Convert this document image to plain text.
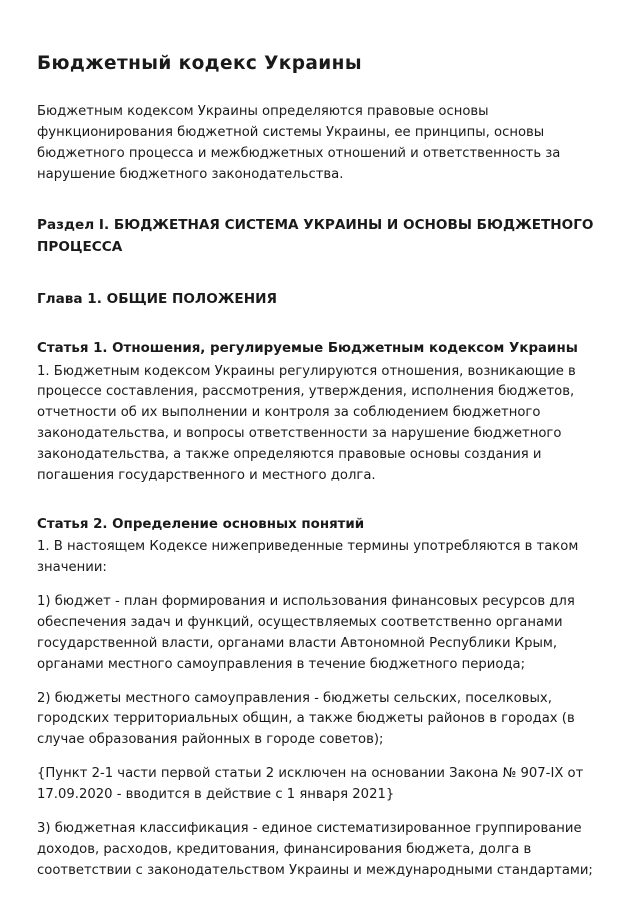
Бюджетный кодекс Украины

Бюджетным кодексом Украины определяются правовые основы функционирования бюджетной системы Украины, ее принципы, основы бюджетного процесса и межбюджетных отношений и ответственность за нарушение бюджетного законодательства.

Раздел I. БЮДЖЕТНАЯ СИСТЕМА УКРАИНЫ И ОСНОВЫ БЮДЖЕТНОГО ПРОЦЕССА
Глава 1. ОБЩИЕ ПОЛОЖЕНИЯ
Статья 1. Отношения, регулируемые Бюджетным кодексом Украины

1. Бюджетным кодексом Украины регулируются отношения, возникающие в процессе составления, рассмотрения, утверждения, исполнения бюджетов, отчетности об их выполнении и контроля за соблюдением бюджетного законодательства, и вопросы ответственности за нарушение бюджетного законодательства, а также определяются правовые основы создания и погашения государственного и местного долга.

Статья 2. Определение основных понятий

1. В настоящем Кодексе нижеприведенные термины употребляются в таком значении:

1) бюджет - план формирования и использования финансовых ресурсов для обеспечения задач и функций, осуществляемых соответственно органами государственной власти, органами власти Автономной Республики Крым, органами местного самоуправления в течение бюджетного периода;

2) бюджеты местного самоуправления - бюджеты сельских, поселковых, городских территориальных общин, а также бюджеты районов в городах (в случае образования районных в городе советов);

{Пункт 2-1 части первой статьи 2 исключен на основании Закона № 907-IX от 17.09.2020 - вводится в действие с 1 января 2021}

3) бюджетная классификация - единое систематизированное группирование доходов, расходов, кредитования, финансирования бюджета, долга в соответствии с законодательством Украины и международными стандартами;
